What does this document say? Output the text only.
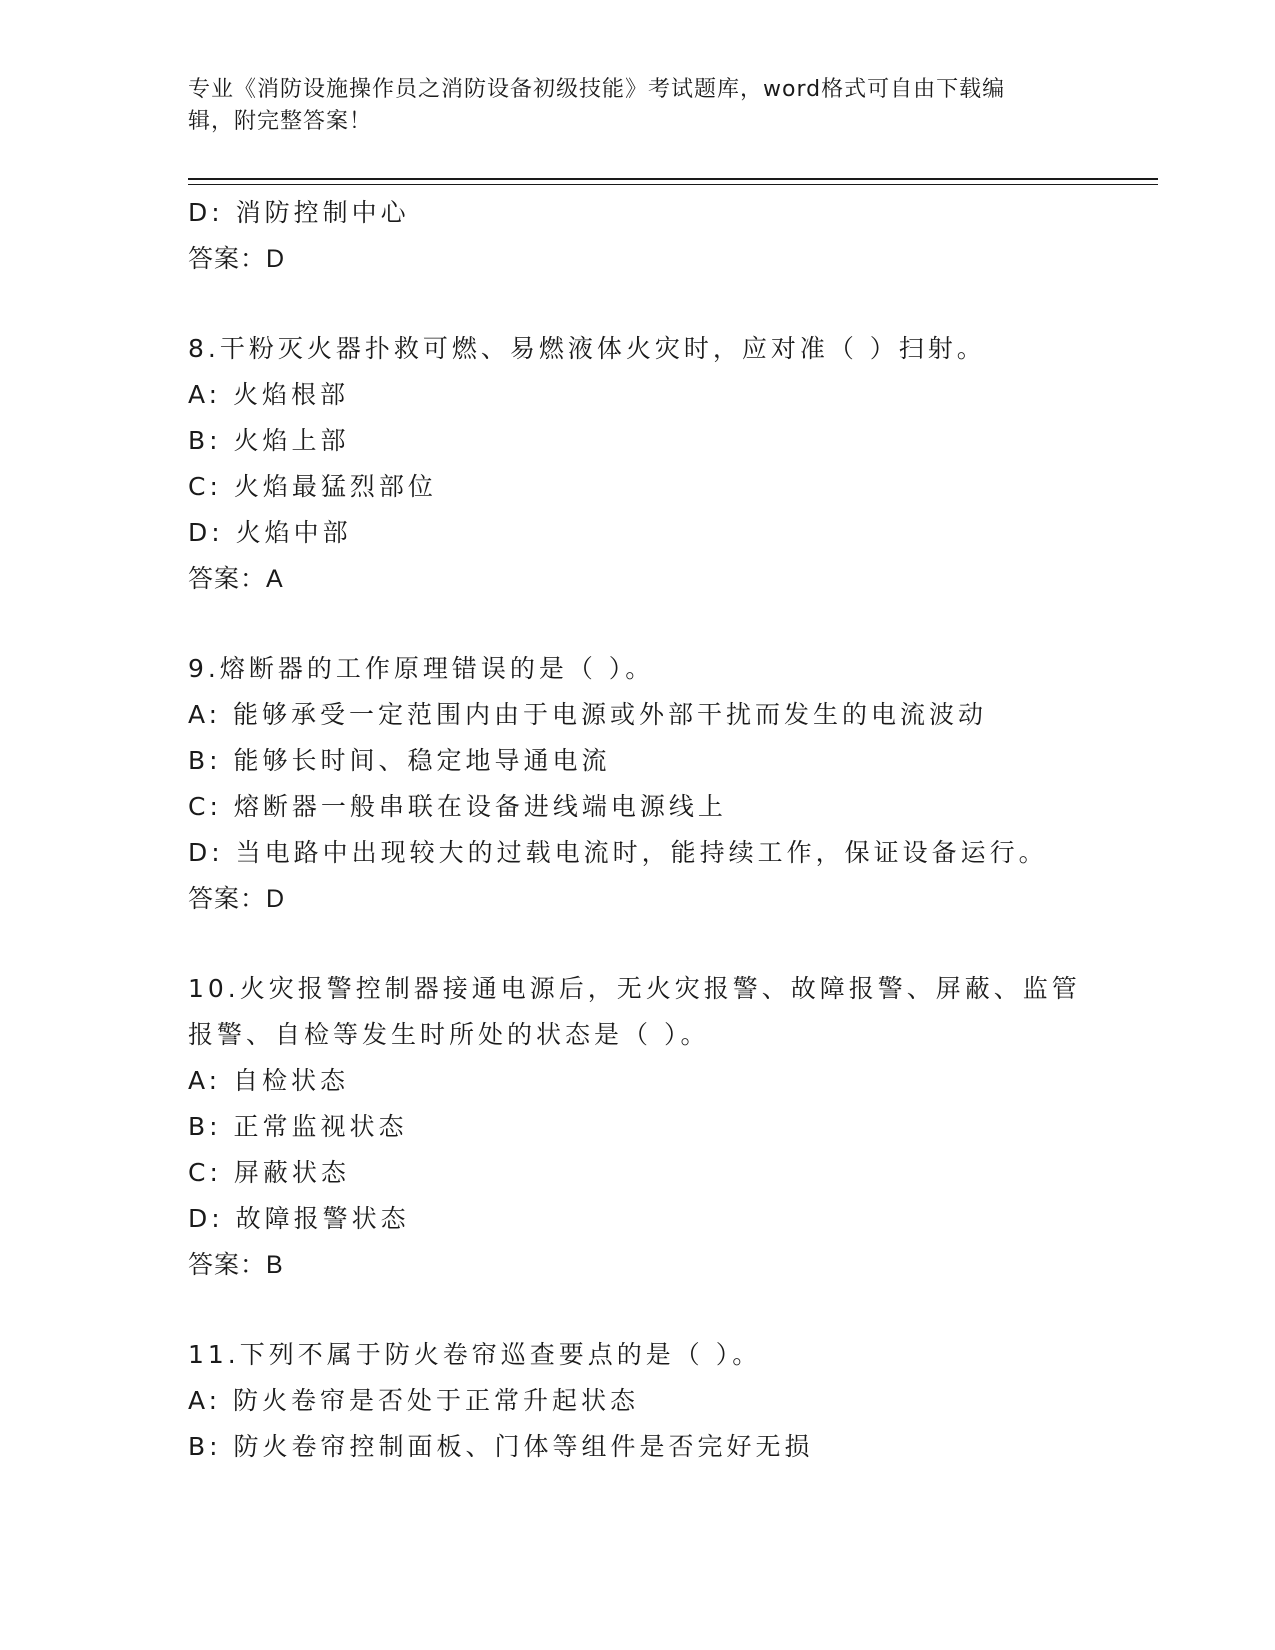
专业《消防设施操作员之消防设备初级技能》考试题库，word格式可自由下载编
辑，附完整答案！
D: 消防控制中心
答案：D
8.干粉灭火器扑救可燃、易燃液体火灾时，应对准（ ）扫射。
A: 火焰根部
B: 火焰上部
C: 火焰最猛烈部位
D: 火焰中部
答案：A
9.熔断器的工作原理错误的是（ ）。
A: 能够承受一定范围内由于电源或外部干扰而发生的电流波动
B: 能够长时间、稳定地导通电流
C: 熔断器一般串联在设备进线端电源线上
D: 当电路中出现较大的过载电流时，能持续工作，保证设备运行。
答案：D
10.火灾报警控制器接通电源后，无火灾报警、故障报警、屏蔽、监管
报警、自检等发生时所处的状态是（ ）。
A: 自检状态
B: 正常监视状态
C: 屏蔽状态
D: 故障报警状态
答案：B
11.下列不属于防火卷帘巡查要点的是（ ）。
A: 防火卷帘是否处于正常升起状态
B: 防火卷帘控制面板、门体等组件是否完好无损
